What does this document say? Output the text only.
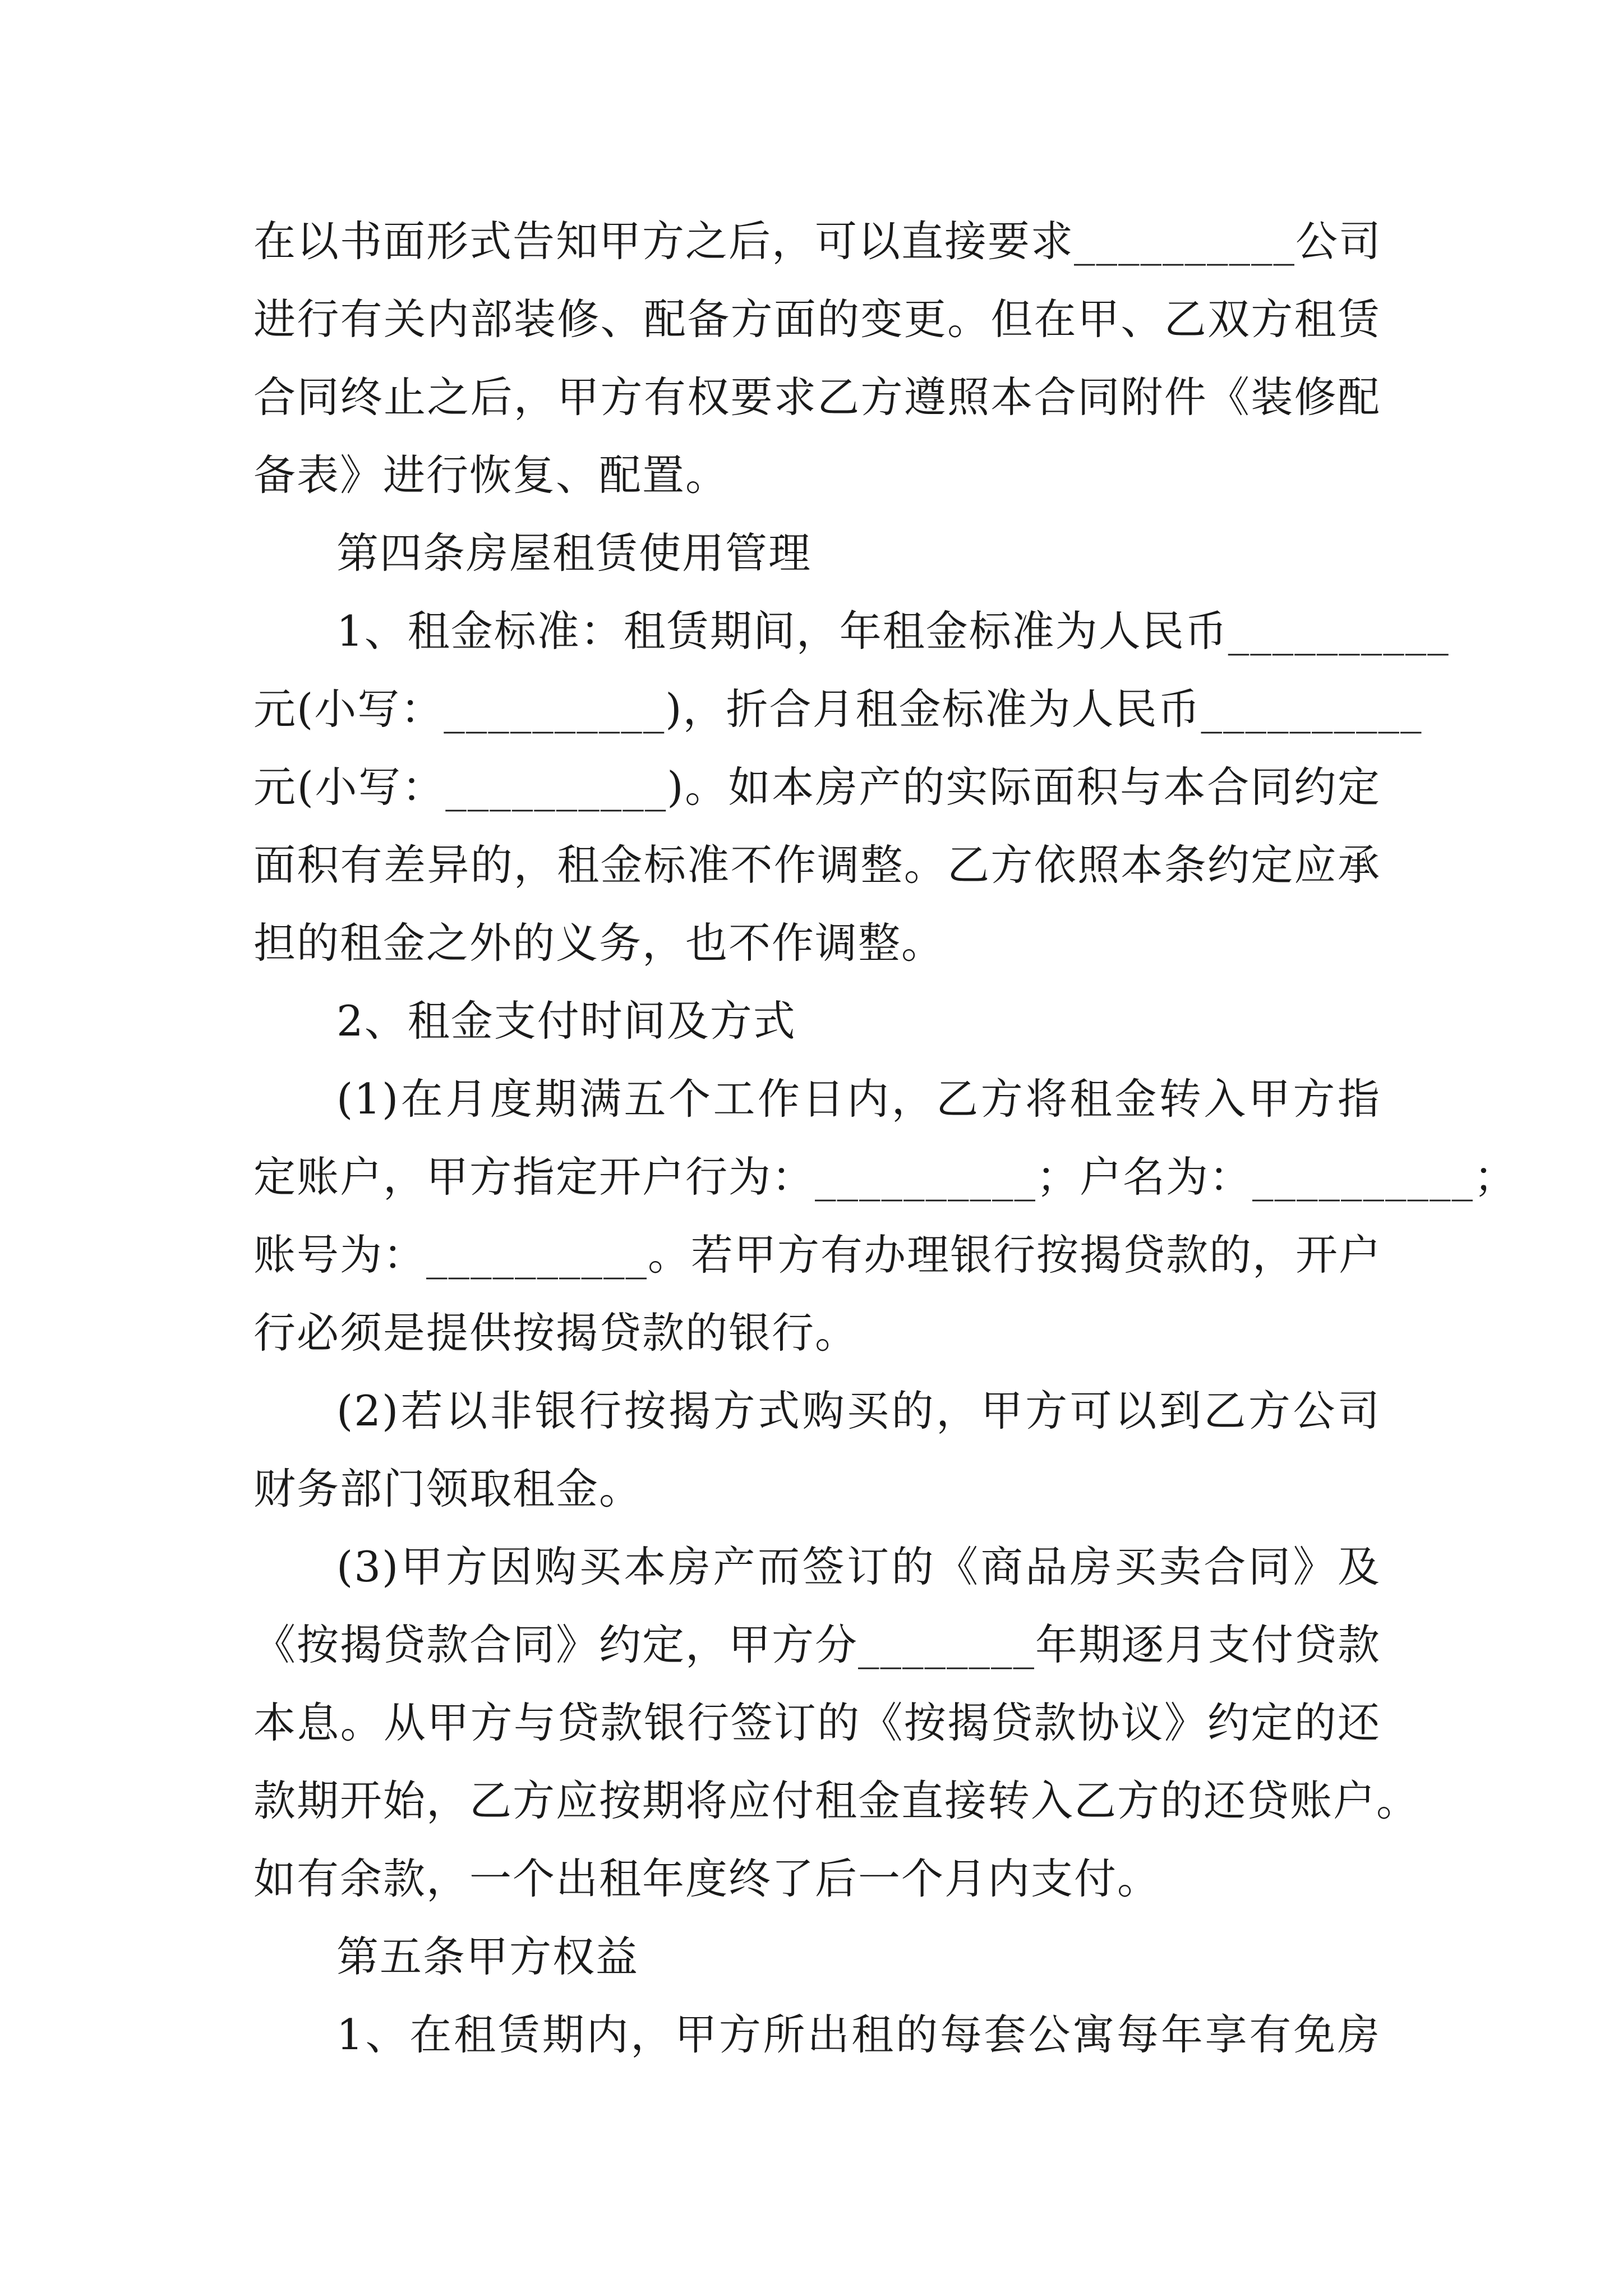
在以书面形式告知甲方之后，可以直接要求__________公司
进行有关内部装修、配备方面的变更。但在甲、乙双方租赁
合同终止之后，甲方有权要求乙方遵照本合同附件《装修配
备表》进行恢复、配置。
第四条房屋租赁使用管理
1、租金标准：租赁期间，年租金标准为人民币__________
元(小写：__________)，折合月租金标准为人民币__________
元(小写：__________)。如本房产的实际面积与本合同约定
面积有差异的，租金标准不作调整。乙方依照本条约定应承
担的租金之外的义务，也不作调整。
2、租金支付时间及方式
(1)在月度期满五个工作日内，乙方将租金转入甲方指
定账户，甲方指定开户行为：__________；户名为：__________；
账号为：__________。若甲方有办理银行按揭贷款的，开户
行必须是提供按揭贷款的银行。
(2)若以非银行按揭方式购买的，甲方可以到乙方公司
财务部门领取租金。
(3)甲方因购买本房产而签订的《商品房买卖合同》及
《按揭贷款合同》约定，甲方分________年期逐月支付贷款
本息。从甲方与贷款银行签订的《按揭贷款协议》约定的还
款期开始，乙方应按期将应付租金直接转入乙方的还贷账户。
如有余款，一个出租年度终了后一个月内支付。
第五条甲方权益
1、在租赁期内，甲方所出租的每套公寓每年享有免房
